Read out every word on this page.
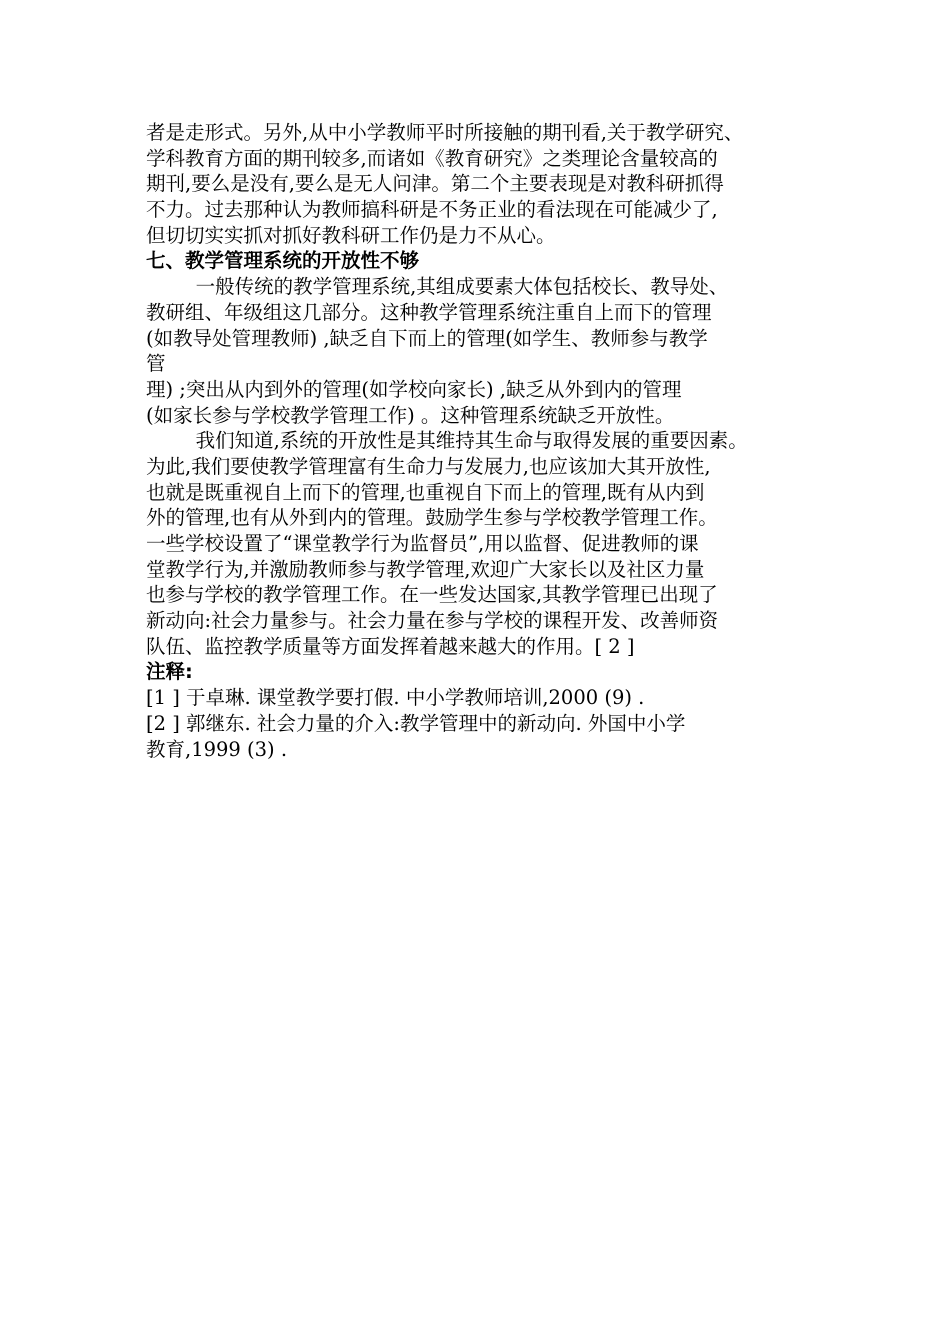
者是走形式。另外,从中小学教师平时所接触的期刊看,关于教学研究、
学科教育方面的期刊较多,而诸如《教育研究》之类理论含量较高的
期刊,要么是没有,要么是无人问津。第二个主要表现是对教科研抓得
不力。过去那种认为教师搞科研是不务正业的看法现在可能减少了,
但切切实实抓对抓好教科研工作仍是力不从心。
七、教学管理系统的开放性不够
一般传统的教学管理系统,其组成要素大体包括校长、教导处、
教研组、年级组这几部分。这种教学管理系统注重自上而下的管理
(如教导处管理教师) ,缺乏自下而上的管理(如学生、教师参与教学
管
理) ;突出从内到外的管理(如学校向家长) ,缺乏从外到内的管理
(如家长参与学校教学管理工作) 。这种管理系统缺乏开放性。
我们知道,系统的开放性是其维持其生命与取得发展的重要因素。
为此,我们要使教学管理富有生命力与发展力,也应该加大其开放性,
也就是既重视自上而下的管理,也重视自下而上的管理,既有从内到
外的管理,也有从外到内的管理。鼓励学生参与学校教学管理工作。
一些学校设置了“课堂教学行为监督员”,用以监督、促进教师的课
堂教学行为,并激励教师参与教学管理,欢迎广大家长以及社区力量
也参与学校的教学管理工作。在一些发达国家,其教学管理已出现了
新动向:社会力量参与。社会力量在参与学校的课程开发、改善师资
队伍、监控教学质量等方面发挥着越来越大的作用。[ 2 ]
注释:
[1 ] 于卓琳. 课堂教学要打假. 中小学教师培训,2000 (9) .
[2 ] 郭继东. 社会力量的介入:教学管理中的新动向. 外国中小学
教育,1999 (3) .
